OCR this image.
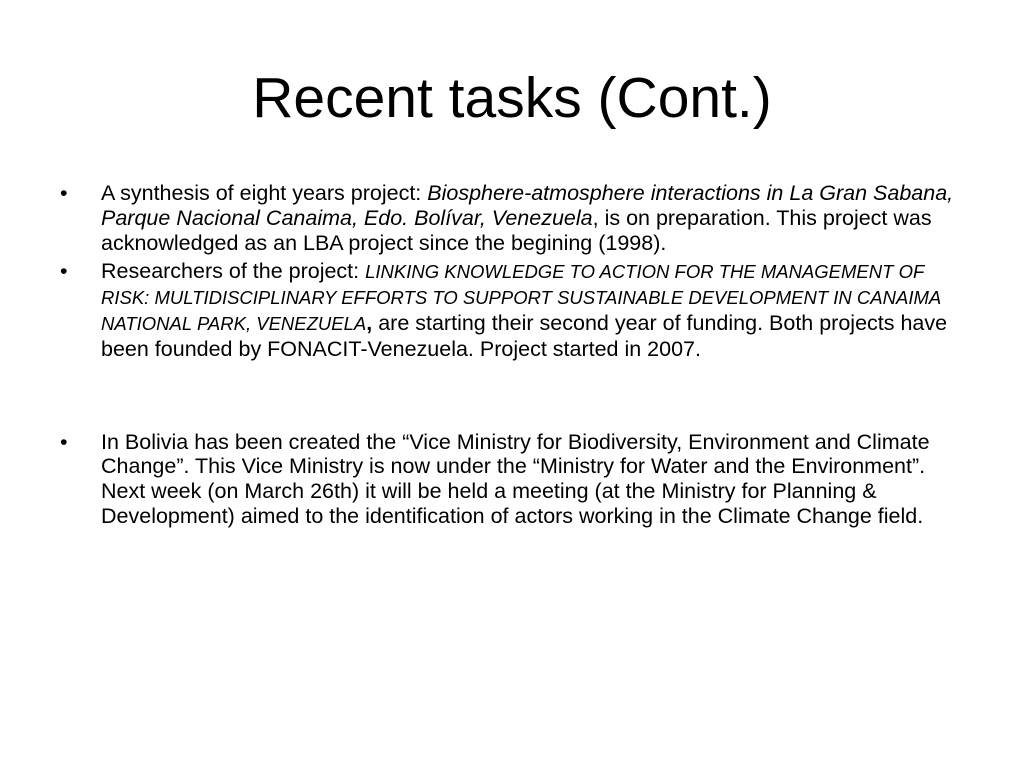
Recent tasks (Cont.)
•	A synthesis of eight years project: Biosphere-atmosphere interactions in La Gran Sabana, Parque Nacional Canaima, Edo. Bolívar, Venezuela, is on preparation. This project was acknowledged as an LBA project since the begining (1998).
•	Researchers of the project: LINKING KNOWLEDGE TO ACTION FOR THE MANAGEMENT OF RISK: MULTIDISCIPLINARY EFFORTS TO SUPPORT SUSTAINABLE DEVELOPMENT IN CANAIMA NATIONAL PARK, VENEZUELA, are starting their second year of funding. Both projects have been founded by FONACIT-Venezuela. Project started in 2007.
•	In Bolivia has been created the “Vice Ministry for Biodiversity, Environment and Climate Change”. This Vice Ministry is now under the “Ministry for Water and the Environment”. Next week (on March 26th) it will be held a meeting (at the Ministry for Planning & Development) aimed to the identification of actors working in the Climate Change field.
